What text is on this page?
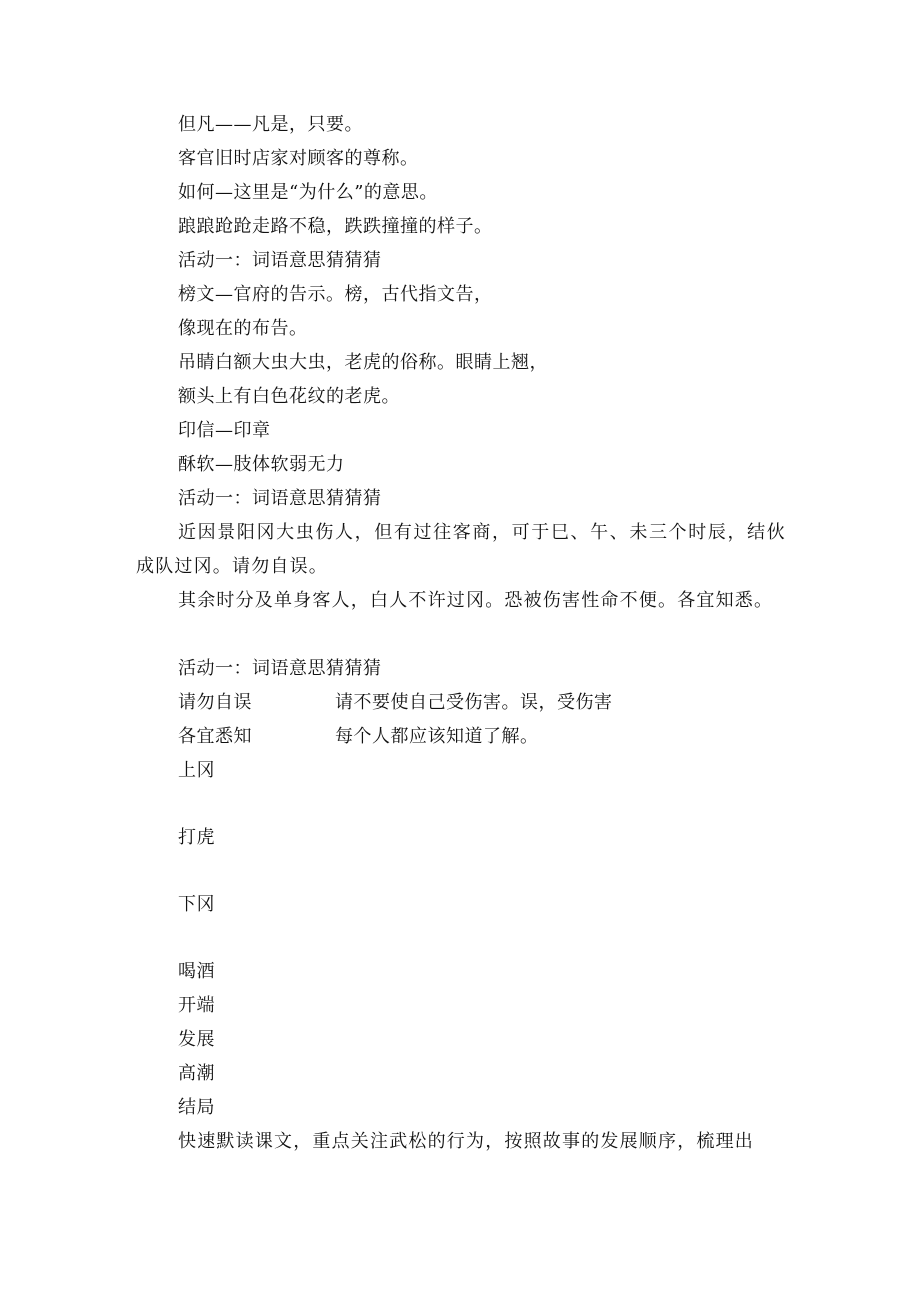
但凡——凡是，只要。
客官旧时店家对顾客的尊称。
如何—这里是“为什么”的意思。
踉踉跄跄走路不稳，跌跌撞撞的样子。
活动一：词语意思猜猜猜
榜文—官府的告示。榜，古代指文告，
像现在的布告。
吊睛白额大虫大虫，老虎的俗称。眼睛上翘，
额头上有白色花纹的老虎。
印信—印章
酥软—肢体软弱无力
活动一：词语意思猜猜猜
近因景阳冈大虫伤人，但有过往客商，可于巳、午、未三个时辰，结伙成队过冈。请勿自误。
其余时分及单身客人，白人不许过冈。恐被伤害性命不便。各宜知悉。
活动一：词语意思猜猜猜
请勿自误	请不要使自己受伤害。误，受伤害
各宜悉知	每个人都应该知道了解。
上冈
打虎
下冈
喝酒
开端
发展
高潮
结局
快速默读课文，重点关注武松的行为，按照故事的发展顺序，梳理出
